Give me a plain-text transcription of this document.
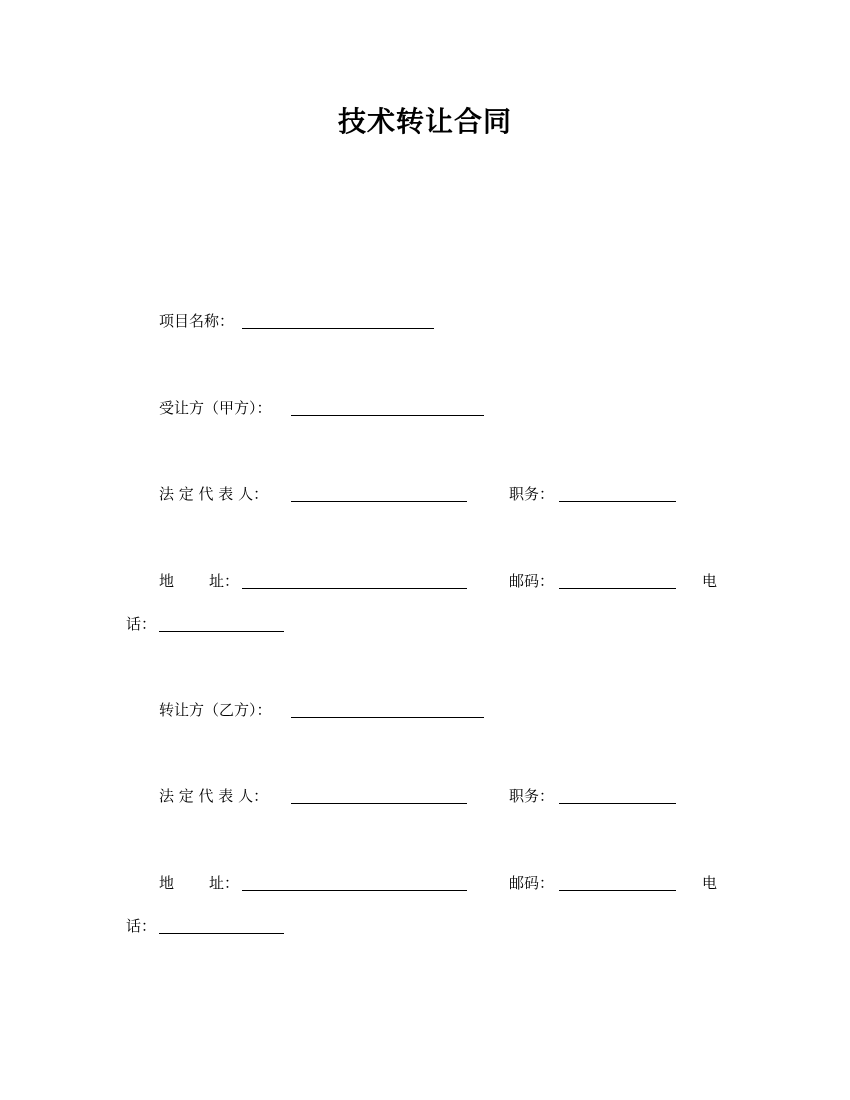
技术转让合同
项目名称：
受让方（甲方）：
法 定 代 表 人：	职务：
地 址：	邮码：	电
话：
转让方（乙方）：
法 定 代 表 人：	职务：
地 址：	邮码：	电
话：
